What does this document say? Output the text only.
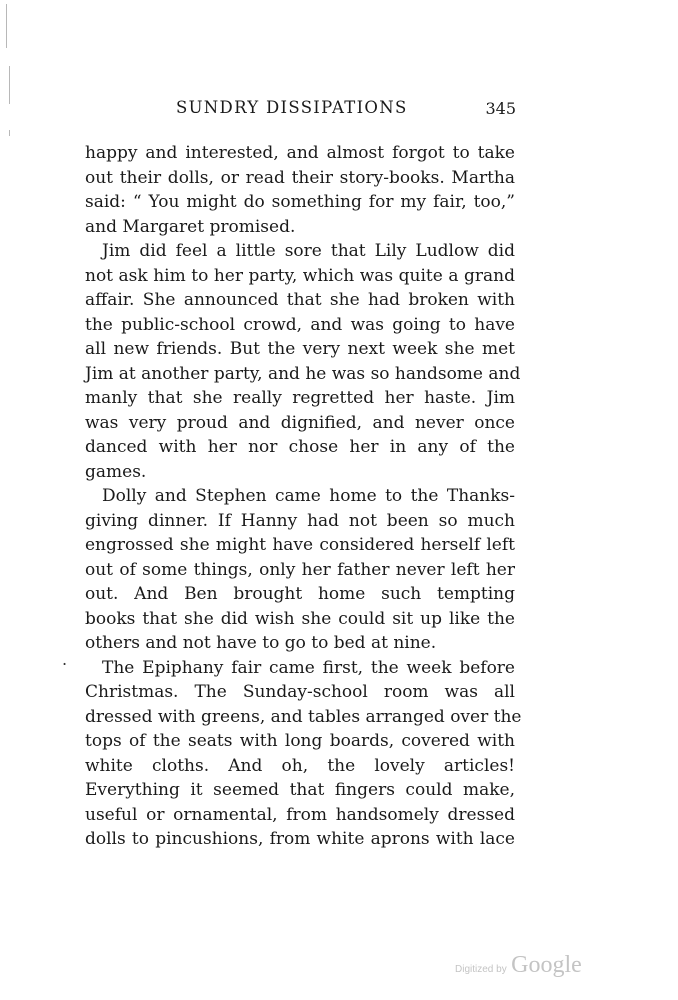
SUNDRY DISSIPATIONS	345
happy and interested, and almost forgot to take
out their dolls, or read their story-books. Martha
said: “ You might do something for my fair, too,”
and Margaret promised.
Jim did feel a little sore that Lily Ludlow did
not ask him to her party, which was quite a grand
affair. She announced that she had broken with
the public-school crowd, and was going to have
all new friends. But the very next week she met
Jim at another party, and he was so handsome and
manly that she really regretted her haste. Jim
was very proud and dignified, and never once
danced with her nor chose her in any of the
games.
Dolly and Stephen came home to the Thanks-
giving dinner. If Hanny had not been so much
engrossed she might have considered herself left
out of some things, only her father never left her
out. And Ben brought home such tempting
books that she did wish she could sit up like the
others and not have to go to bed at nine.
The Epiphany fair came first, the week before
Christmas. The Sunday-school room was all
dressed with greens, and tables arranged over the
tops of the seats with long boards, covered with
white cloths. And oh, the lovely articles!
Everything it seemed that fingers could make,
useful or ornamental, from handsomely dressed
dolls to pincushions, from white aprons with lace
.
Digitized by Google
